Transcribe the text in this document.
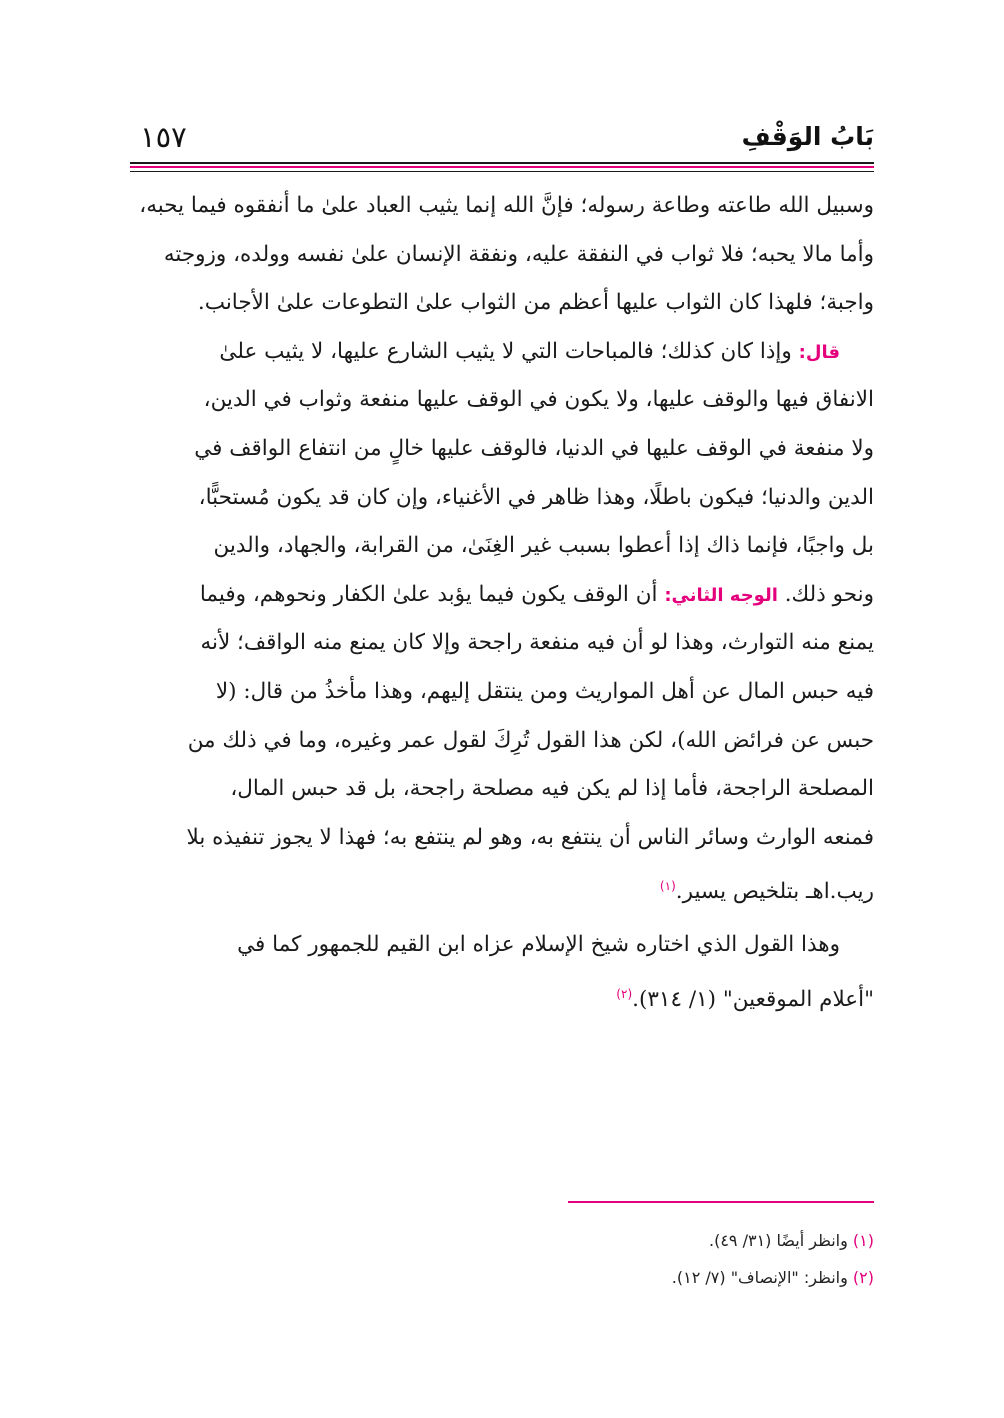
بَابُ الوَقْفِ
١٥٧
وسبيل الله طاعته وطاعة رسوله؛ فإنَّ الله إنما يثيب العباد علىٰ ما أنفقوه فيما يحبه،
وأما مالا يحبه؛ فلا ثواب في النفقة عليه، ونفقة الإنسان علىٰ نفسه وولده، وزوجته
واجبة؛ فلهذا كان الثواب عليها أعظم من الثواب علىٰ التطوعات علىٰ الأجانب.
قال: وإذا كان كذلك؛ فالمباحات التي لا يثيب الشارع عليها، لا يثيب علىٰ
الانفاق فيها والوقف عليها، ولا يكون في الوقف عليها منفعة وثواب في الدين،
ولا منفعة في الوقف عليها في الدنيا، فالوقف عليها خالٍ من انتفاع الواقف في
الدين والدنيا؛ فيكون باطلًا، وهذا ظاهر في الأغنياء، وإن كان قد يكون مُستحبًّا،
بل واجبًا، فإنما ذاك إذا أعطوا بسبب غير الغِنَىٰ، من القرابة، والجهاد، والدين
ونحو ذلك. الوجه الثاني: أن الوقف يكون فيما يؤبد علىٰ الكفار ونحوهم، وفيما
يمنع منه التوارث، وهذا لو أن فيه منفعة راجحة وإلا كان يمنع منه الواقف؛ لأنه
فيه حبس المال عن أهل المواريث ومن ينتقل إليهم، وهذا مأخذُ من قال: (لا
حبس عن فرائض الله)، لكن هذا القول تُرِكَ لقول عمر وغيره، وما في ذلك من
المصلحة الراجحة، فأما إذا لم يكن فيه مصلحة راجحة، بل قد حبس المال،
فمنعه الوارث وسائر الناس أن ينتفع به، وهو لم ينتفع به؛ فهذا لا يجوز تنفيذه بلا
ريب.اهـ بتلخيص يسير.$^{(١)}$
وهذا القول الذي اختاره شيخ الإسلام عزاه ابن القيم للجمهور كما في
"أعلام الموقعين" (١/ ٣١٤).$^{(٢)}$
(١) وانظر أيضًا (٣١/ ٤٩).
(٢) وانظر: "الإنصاف" (٧/ ١٢).
